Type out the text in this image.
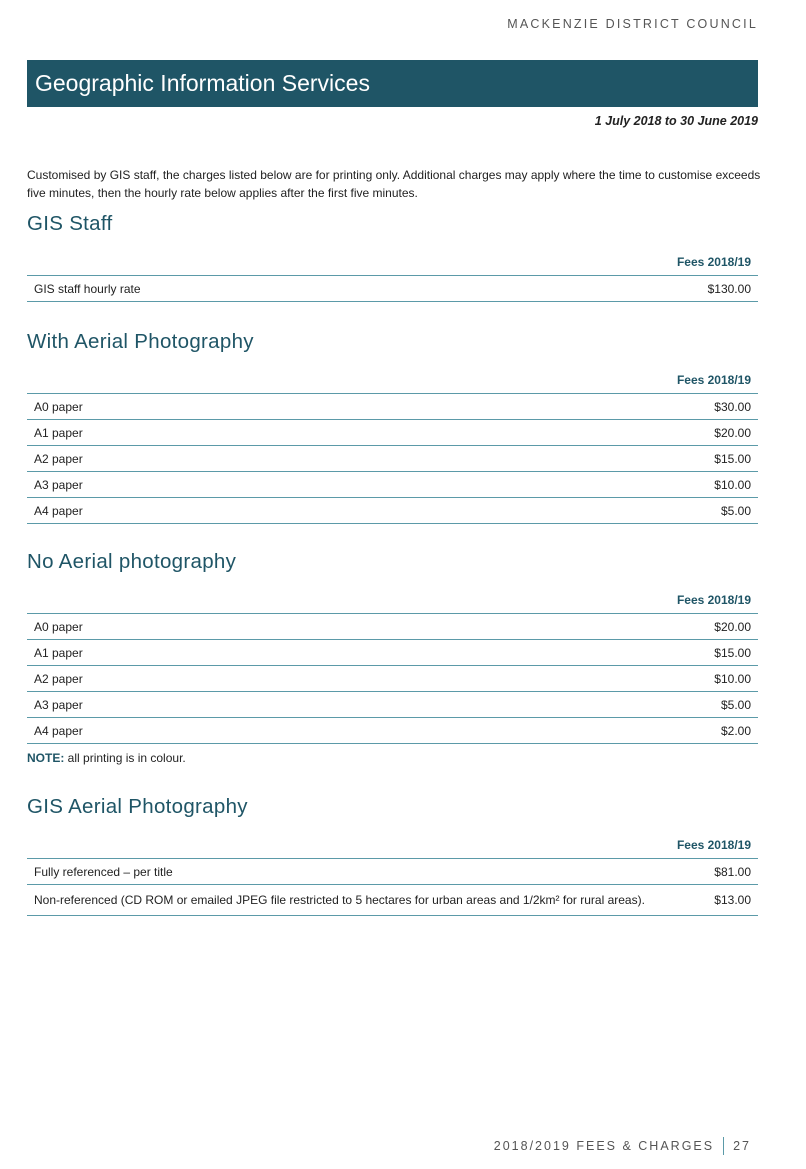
MACKENZIE DISTRICT COUNCIL
Geographic Information Services
1 July 2018 to 30 June 2019
Customised by GIS staff, the charges listed below are for printing only. Additional charges may apply where the time to customise exceeds five minutes, then the hourly rate below applies after the first five minutes.
GIS Staff
Fees 2018/19
GIS staff hourly rate	$130.00
With Aerial Photography
Fees 2018/19
A0 paper	$30.00
A1 paper	$20.00
A2 paper	$15.00
A3 paper	$10.00
A4 paper	$5.00
No Aerial photography
Fees 2018/19
A0 paper	$20.00
A1 paper	$15.00
A2 paper	$10.00
A3 paper	$5.00
A4 paper	$2.00
NOTE: all printing is in colour.
GIS Aerial Photography
Fees 2018/19
Fully referenced – per title	$81.00
Non-referenced (CD ROM or emailed JPEG file restricted to 5 hectares for urban areas and 1/2km² for rural areas).	$13.00
2018/2019 FEES & CHARGES 27
